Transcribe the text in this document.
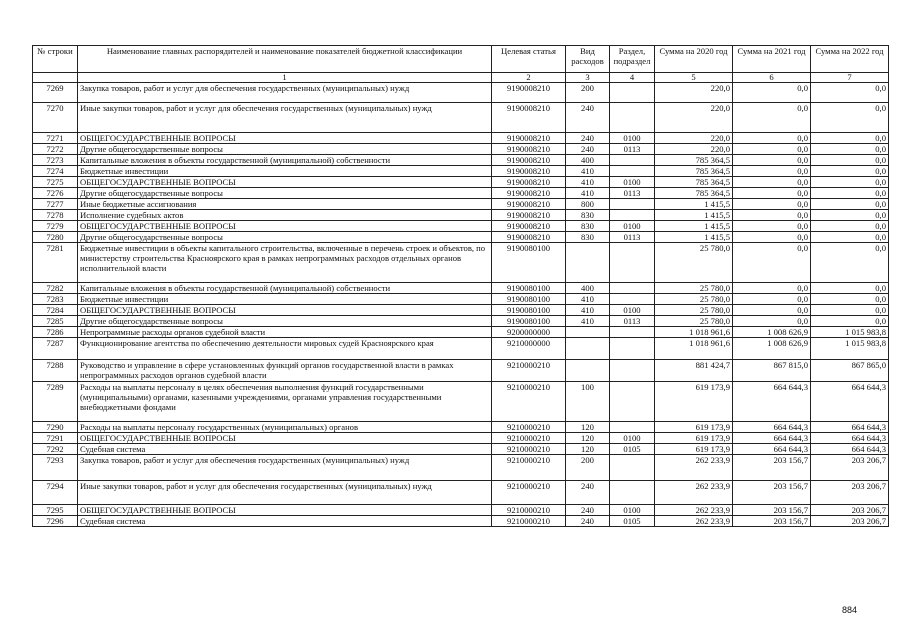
№ строки	Наименование главных распорядителей и наименование показателей бюджетной классификации	Целевая статья	Вид расходов	Раздел, подраздел	Сумма на 2020 год	Сумма на 2021 год	Сумма на 2022 год
	1	2	3	4	5	6	7
7269	Закупка товаров, работ и услуг для обеспечения государственных (муниципальных) нужд	9190008210	200		220,0	0,0	0,0
7270	Иные закупки товаров, работ и услуг для обеспечения государственных (муниципальных) нужд	9190008210	240		220,0	0,0	0,0
7271	ОБЩЕГОСУДАРСТВЕННЫЕ ВОПРОСЫ	9190008210	240	0100	220,0	0,0	0,0
7272	Другие общегосударственные вопросы	9190008210	240	0113	220,0	0,0	0,0
7273	Капитальные вложения в объекты государственной (муниципальной) собственности	9190008210	400		785 364,5	0,0	0,0
7274	Бюджетные инвестиции	9190008210	410		785 364,5	0,0	0,0
7275	ОБЩЕГОСУДАРСТВЕННЫЕ ВОПРОСЫ	9190008210	410	0100	785 364,5	0,0	0,0
7276	Другие общегосударственные вопросы	9190008210	410	0113	785 364,5	0,0	0,0
7277	Иные бюджетные ассигнования	9190008210	800		1 415,5	0,0	0,0
7278	Исполнение судебных актов	9190008210	830		1 415,5	0,0	0,0
7279	ОБЩЕГОСУДАРСТВЕННЫЕ ВОПРОСЫ	9190008210	830	0100	1 415,5	0,0	0,0
7280	Другие общегосударственные вопросы	9190008210	830	0113	1 415,5	0,0	0,0
7281	Бюджетные инвестиции в объекты капитального строительства, включенные в перечень строек и объектов, по министерству строительства Красноярского края в рамках непрограммных расходов отдельных органов исполнительной власти	9190080100			25 780,0	0,0	0,0
7282	Капитальные вложения в объекты государственной (муниципальной) собственности	9190080100	400		25 780,0	0,0	0,0
7283	Бюджетные инвестиции	9190080100	410		25 780,0	0,0	0,0
7284	ОБЩЕГОСУДАРСТВЕННЫЕ ВОПРОСЫ	9190080100	410	0100	25 780,0	0,0	0,0
7285	Другие общегосударственные вопросы	9190080100	410	0113	25 780,0	0,0	0,0
7286	Непрограммные расходы органов судебной власти	9200000000			1 018 961,6	1 008 626,9	1 015 983,8
7287	Функционирование агентства по обеспечению деятельности мировых судей Красноярского края	9210000000			1 018 961,6	1 008 626,9	1 015 983,8
7288	Руководство и управление в сфере установленных функций органов государственной власти в рамках непрограммных расходов органов судебной власти	9210000210			881 424,7	867 815,0	867 865,0
7289	Расходы на выплаты персоналу в целях обеспечения выполнения функций государственными (муниципальными) органами, казенными учреждениями, органами управления государственными внебюджетными фондами	9210000210	100		619 173,9	664 644,3	664 644,3
7290	Расходы на выплаты персоналу государственных (муниципальных) органов	9210000210	120		619 173,9	664 644,3	664 644,3
7291	ОБЩЕГОСУДАРСТВЕННЫЕ ВОПРОСЫ	9210000210	120	0100	619 173,9	664 644,3	664 644,3
7292	Судебная система	9210000210	120	0105	619 173,9	664 644,3	664 644,3
7293	Закупка товаров, работ и услуг для обеспечения государственных (муниципальных) нужд	9210000210	200		262 233,9	203 156,7	203 206,7
7294	Иные закупки товаров, работ и услуг для обеспечения государственных (муниципальных) нужд	9210000210	240		262 233,9	203 156,7	203 206,7
7295	ОБЩЕГОСУДАРСТВЕННЫЕ ВОПРОСЫ	9210000210	240	0100	262 233,9	203 156,7	203 206,7
7296	Судебная система	9210000210	240	0105	262 233,9	203 156,7	203 206,7
884
